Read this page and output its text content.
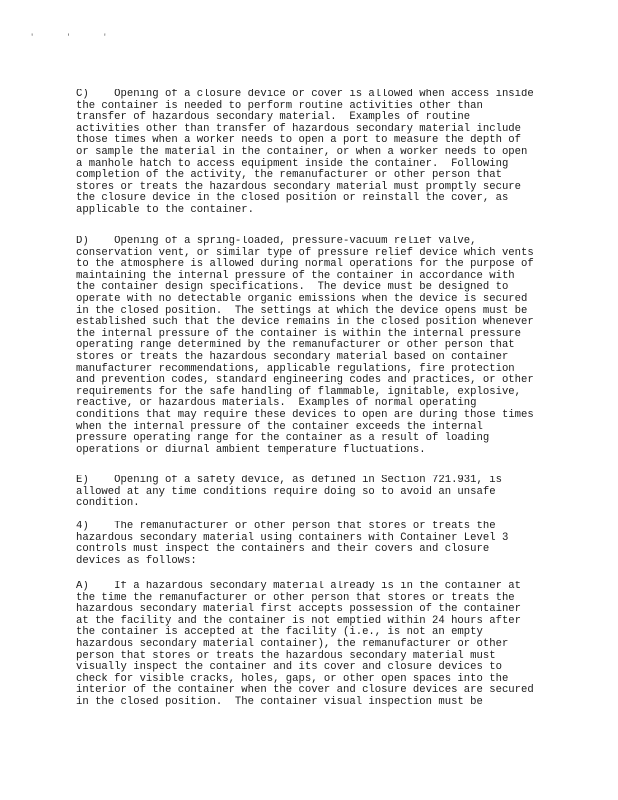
' ' '

C)    Opening of a closure device or cover is allowed when access inside
the container is needed to perform routine activities other than
transfer of hazardous secondary material.  Examples of routine
activities other than transfer of hazardous secondary material include
those times when a worker needs to open a port to measure the depth of
or sample the material in the container, or when a worker needs to open
a manhole hatch to access equipment inside the container.  Following
completion of the activity, the remanufacturer or other person that
stores or treats the hazardous secondary material must promptly secure
the closure device in the closed position or reinstall the cover, as
applicable to the container.

D)    Opening of a spring-loaded, pressure-vacuum relief valve,
conservation vent, or similar type of pressure relief device which vents
to the atmosphere is allowed during normal operations for the purpose of
maintaining the internal pressure of the container in accordance with
the container design specifications.  The device must be designed to
operate with no detectable organic emissions when the device is secured
in the closed position.  The settings at which the device opens must be
established such that the device remains in the closed position whenever
the internal pressure of the container is within the internal pressure
operating range determined by the remanufacturer or other person that
stores or treats the hazardous secondary material based on container
manufacturer recommendations, applicable regulations, fire protection
and prevention codes, standard engineering codes and practices, or other
requirements for the safe handling of flammable, ignitable, explosive,
reactive, or hazardous materials.  Examples of normal operating
conditions that may require these devices to open are during those times
when the internal pressure of the container exceeds the internal
pressure operating range for the container as a result of loading
operations or diurnal ambient temperature fluctuations.

E)    Opening of a safety device, as defined in Section 721.931, is
allowed at any time conditions require doing so to avoid an unsafe
condition.

4)    The remanufacturer or other person that stores or treats the
hazardous secondary material using containers with Container Level 3
controls must inspect the containers and their covers and closure
devices as follows:

A)    If a hazardous secondary material already is in the container at
the time the remanufacturer or other person that stores or treats the
hazardous secondary material first accepts possession of the container
at the facility and the container is not emptied within 24 hours after
the container is accepted at the facility (i.e., is not an empty
hazardous secondary material container), the remanufacturer or other
person that stores or treats the hazardous secondary material must
visually inspect the container and its cover and closure devices to
check for visible cracks, holes, gaps, or other open spaces into the
interior of the container when the cover and closure devices are secured
in the closed position.  The container visual inspection must be
